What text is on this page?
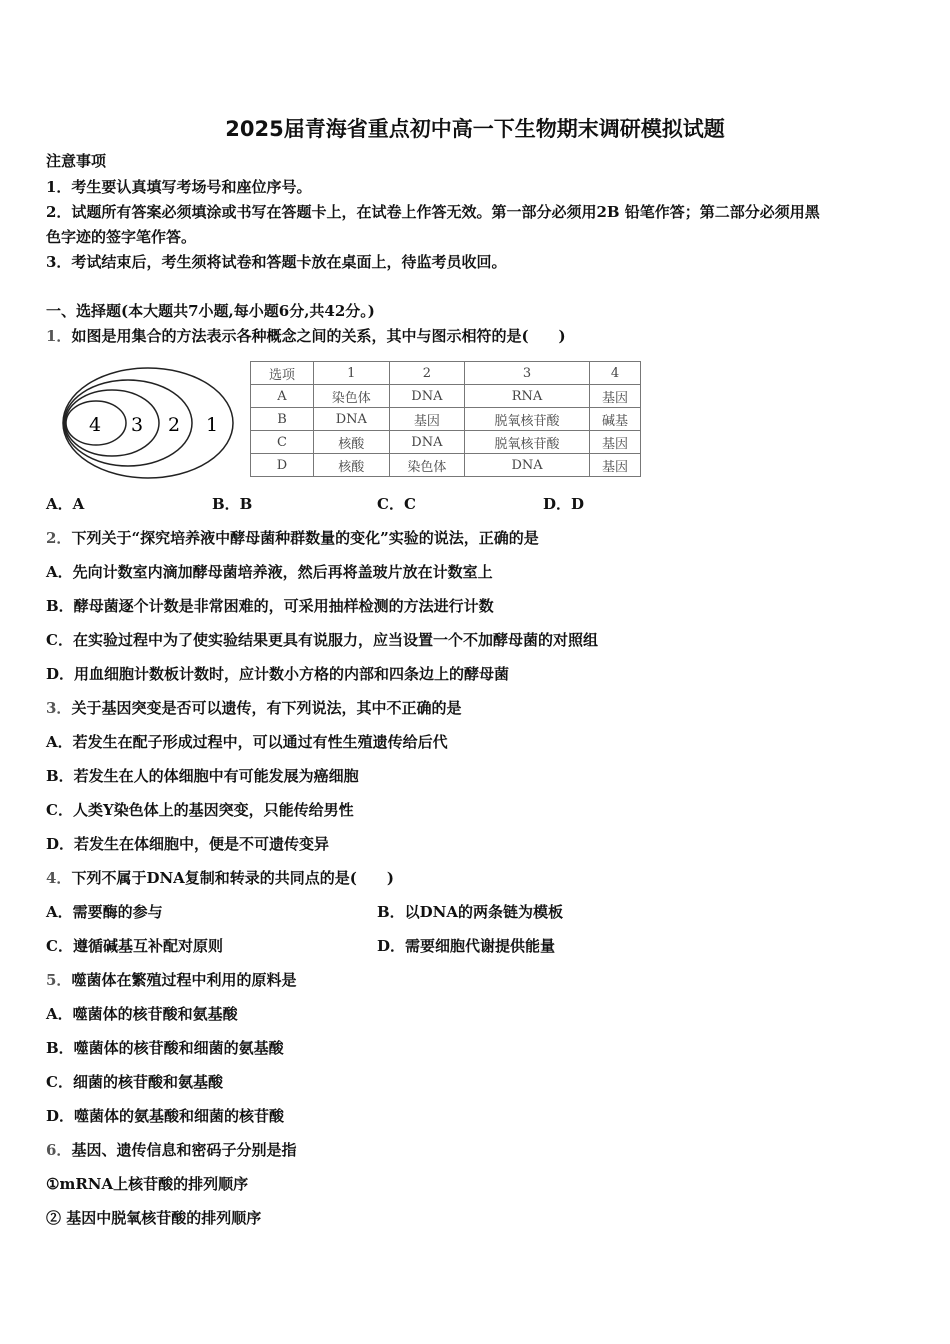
2025届青海省重点初中高一下生物期末调研模拟试题
注意事项
1．考生要认真填写考场号和座位序号。
2．试题所有答案必须填涂或书写在答题卡上，在试卷上作答无效。第一部分必须用2B 铅笔作答；第二部分必须用黑
色字迹的签字笔作答。
3．考试结束后，考生须将试卷和答题卡放在桌面上，待监考员收回。
一、选择题(本大题共7小题,每小题6分,共42分。)
1．如图是用集合的方法表示各种概念之间的关系，其中与图示相符的是(　　)
4 3 2 1
选项	1	2	3	4
A	染色体	DNA	RNA	基因
B	DNA	基因	脱氧核苷酸	碱基
C	核酸	DNA	脱氧核苷酸	基因
D	核酸	染色体	DNA	基因
A．A	B．B	C．C	D．D
2．下列关于“探究培养液中酵母菌种群数量的变化”实验的说法，正确的是
A．先向计数室内滴加酵母菌培养液，然后再将盖玻片放在计数室上
B．酵母菌逐个计数是非常困难的，可采用抽样检测的方法进行计数
C．在实验过程中为了使实验结果更具有说服力，应当设置一个不加酵母菌的对照组
D．用血细胞计数板计数时，应计数小方格的内部和四条边上的酵母菌
3．关于基因突变是否可以遗传，有下列说法，其中不正确的是
A．若发生在配子形成过程中，可以通过有性生殖遗传给后代
B．若发生在人的体细胞中有可能发展为癌细胞
C．人类Y染色体上的基因突变，只能传给男性
D．若发生在体细胞中，便是不可遗传变异
4．下列不属于DNA复制和转录的共同点的是(　　)
A．需要酶的参与	B．以DNA的两条链为模板
C．遵循碱基互补配对原则	D．需要细胞代谢提供能量
5．噬菌体在繁殖过程中利用的原料是
A．噬菌体的核苷酸和氨基酸
B．噬菌体的核苷酸和细菌的氨基酸
C．细菌的核苷酸和氨基酸
D．噬菌体的氨基酸和细菌的核苷酸
6．基因、遗传信息和密码子分别是指
①mRNA上核苷酸的排列顺序
② 基因中脱氧核苷酸的排列顺序
